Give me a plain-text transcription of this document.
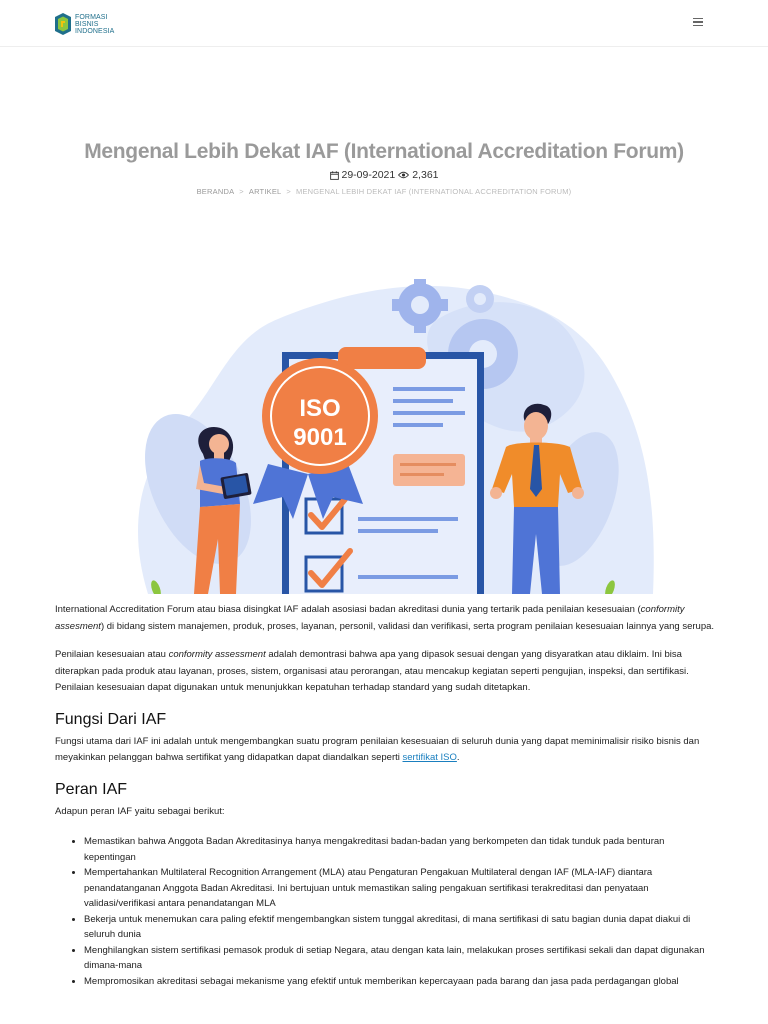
FORMASI
BISNIS
INDONESIA
Mengenal Lebih Dekat IAF (International Accreditation Forum)
29-09-2021 2,361
BERANDA > ARTIKEL > MENGENAL LEBIH DEKAT IAF (INTERNATIONAL ACCREDITATION FORUM)
ISO
9001

International Accreditation Forum atau biasa disingkat IAF adalah asosiasi badan akreditasi dunia yang tertarik pada penilaian kesesuaian (conformity assesment) di bidang sistem manajemen, produk, proses, layanan, personil, validasi dan verifikasi, serta program penilaian kesesuaian lainnya yang serupa.

Penilaian kesesuaian atau conformity assessment adalah demontrasi bahwa apa yang dipasok sesuai dengan yang disyaratkan atau diklaim. Ini bisa diterapkan pada produk atau layanan, proses, sistem, organisasi atau perorangan, atau mencakup kegiatan seperti pengujian, inspeksi, dan sertifikasi. Penilaian kesesuaian dapat digunakan untuk menunjukkan kepatuhan terhadap standard yang sudah ditetapkan.

Fungsi Dari IAF

Fungsi utama dari IAF ini adalah untuk mengembangkan suatu program penilaian kesesuaian di seluruh dunia yang dapat meminimalisir risiko bisnis dan meyakinkan pelanggan bahwa sertifikat yang didapatkan dapat diandalkan seperti sertifikat ISO.

Peran IAF

Adapun peran IAF yaitu sebagai berikut:

• Memastikan bahwa Anggota Badan Akreditasinya hanya mengakreditasi badan-badan yang berkompeten dan tidak tunduk pada benturan kepentingan
• Mempertahankan Multilateral Recognition Arrangement (MLA) atau Pengaturan Pengakuan Multilateral dengan IAF (MLA-IAF) diantara penandatanganan Anggota Badan Akreditasi. Ini bertujuan untuk memastikan saling pengakuan sertifikasi terakreditasi dan penyataan validasi/verifikasi antara penandatangan MLA
• Bekerja untuk menemukan cara paling efektif mengembangkan sistem tunggal akreditasi, di mana sertifikasi di satu bagian dunia dapat diakui di seluruh dunia
• Menghilangkan sistem sertifikasi pemasok produk di setiap Negara, atau dengan kata lain, melakukan proses sertifikasi sekali dan dapat digunakan dimana-mana
• Mempromosikan akreditasi sebagai mekanisme yang efektif untuk memberikan kepercayaan pada barang dan jasa pada perdagangan global
